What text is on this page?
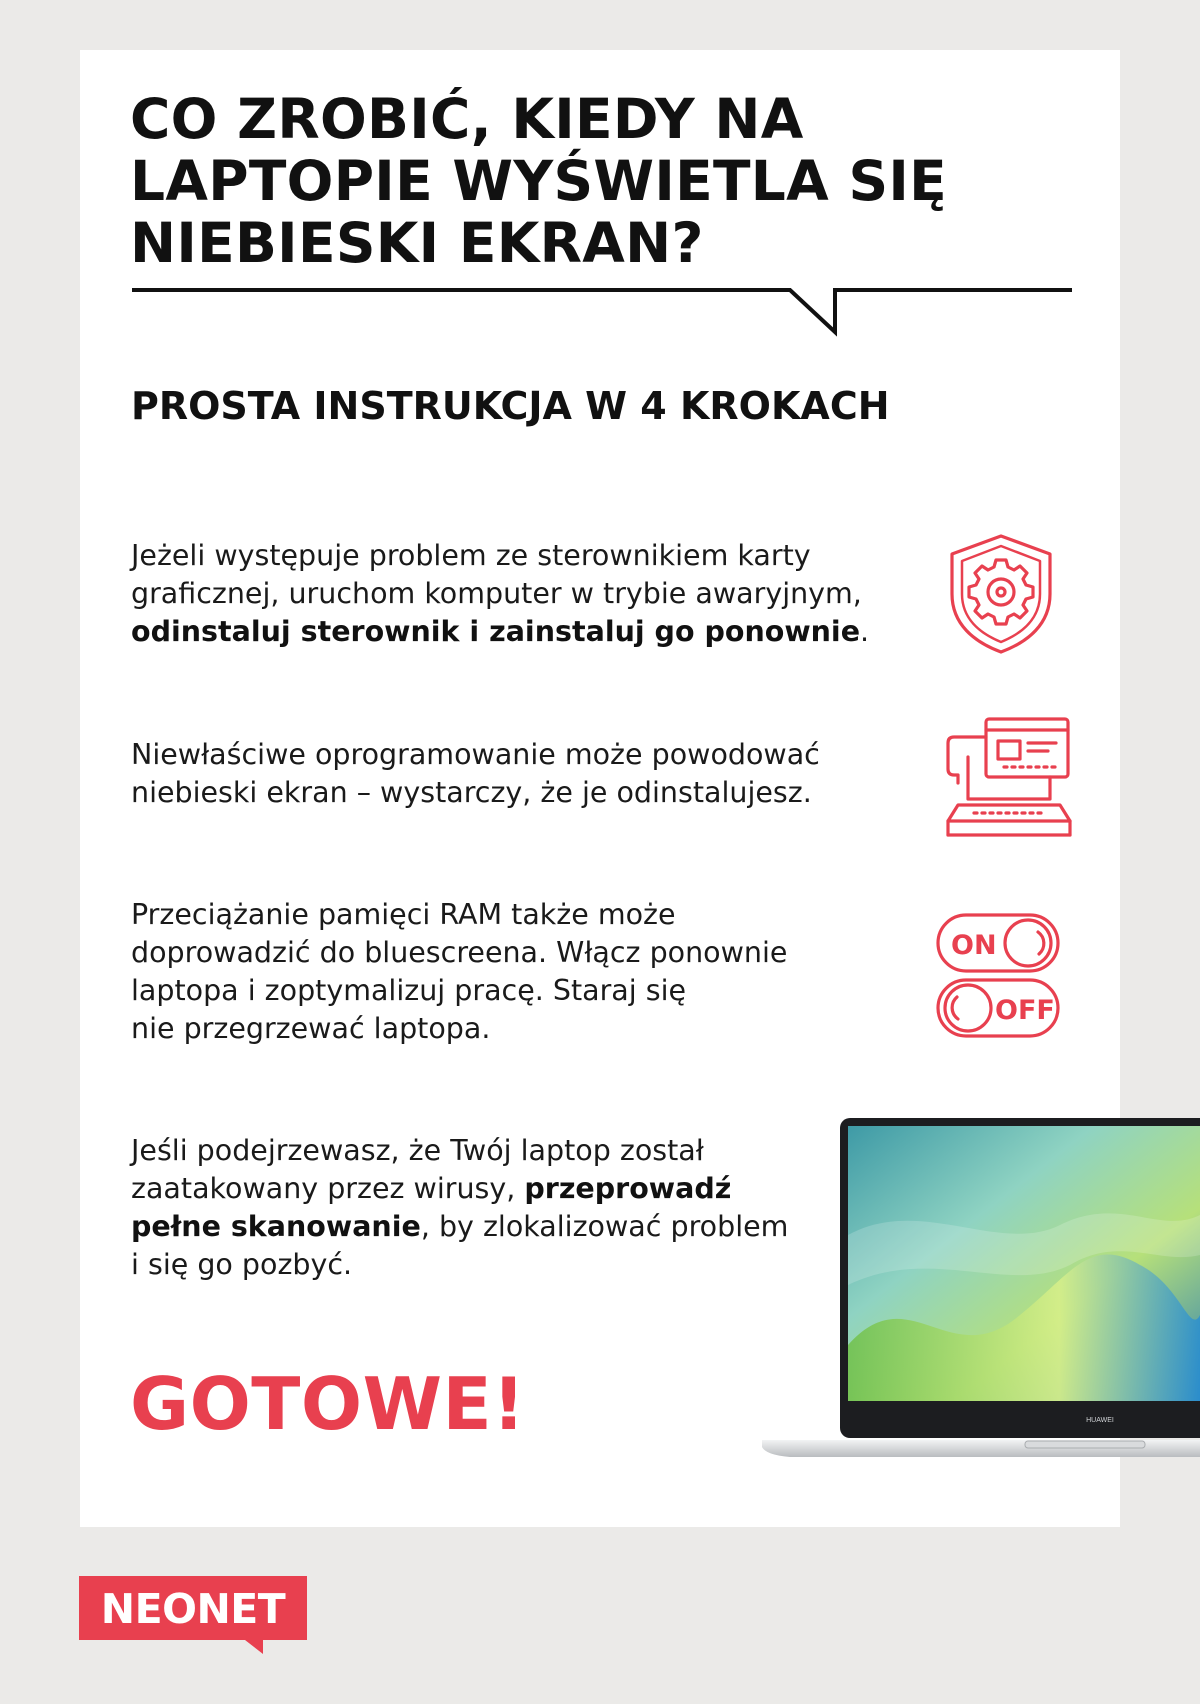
CO ZROBIĆ, KIEDY NA
LAPTOPIE WYŚWIETLA SIĘ
NIEBIESKI EKRAN?
PROSTA INSTRUKCJA W 4 KROKACH
Jeżeli występuje problem ze sterownikiem karty
graficznej, uruchom komputer w trybie awaryjnym,
odinstaluj sterownik i zainstaluj go ponownie.
Niewłaściwe oprogramowanie może powodować
niebieski ekran – wystarczy, że je odinstalujesz.
Przeciążanie pamięci RAM także może
doprowadzić do bluescreena. Włącz ponownie
laptopa i zoptymalizuj pracę. Staraj się
nie przegrzewać laptopa.
ON
OFF
Jeśli podejrzewasz, że Twój laptop został
zaatakowany przez wirusy, przeprowadź
pełne skanowanie, by zlokalizować problem
i się go pozbyć.
GOTOWE!	HUAWEI
NEONET
